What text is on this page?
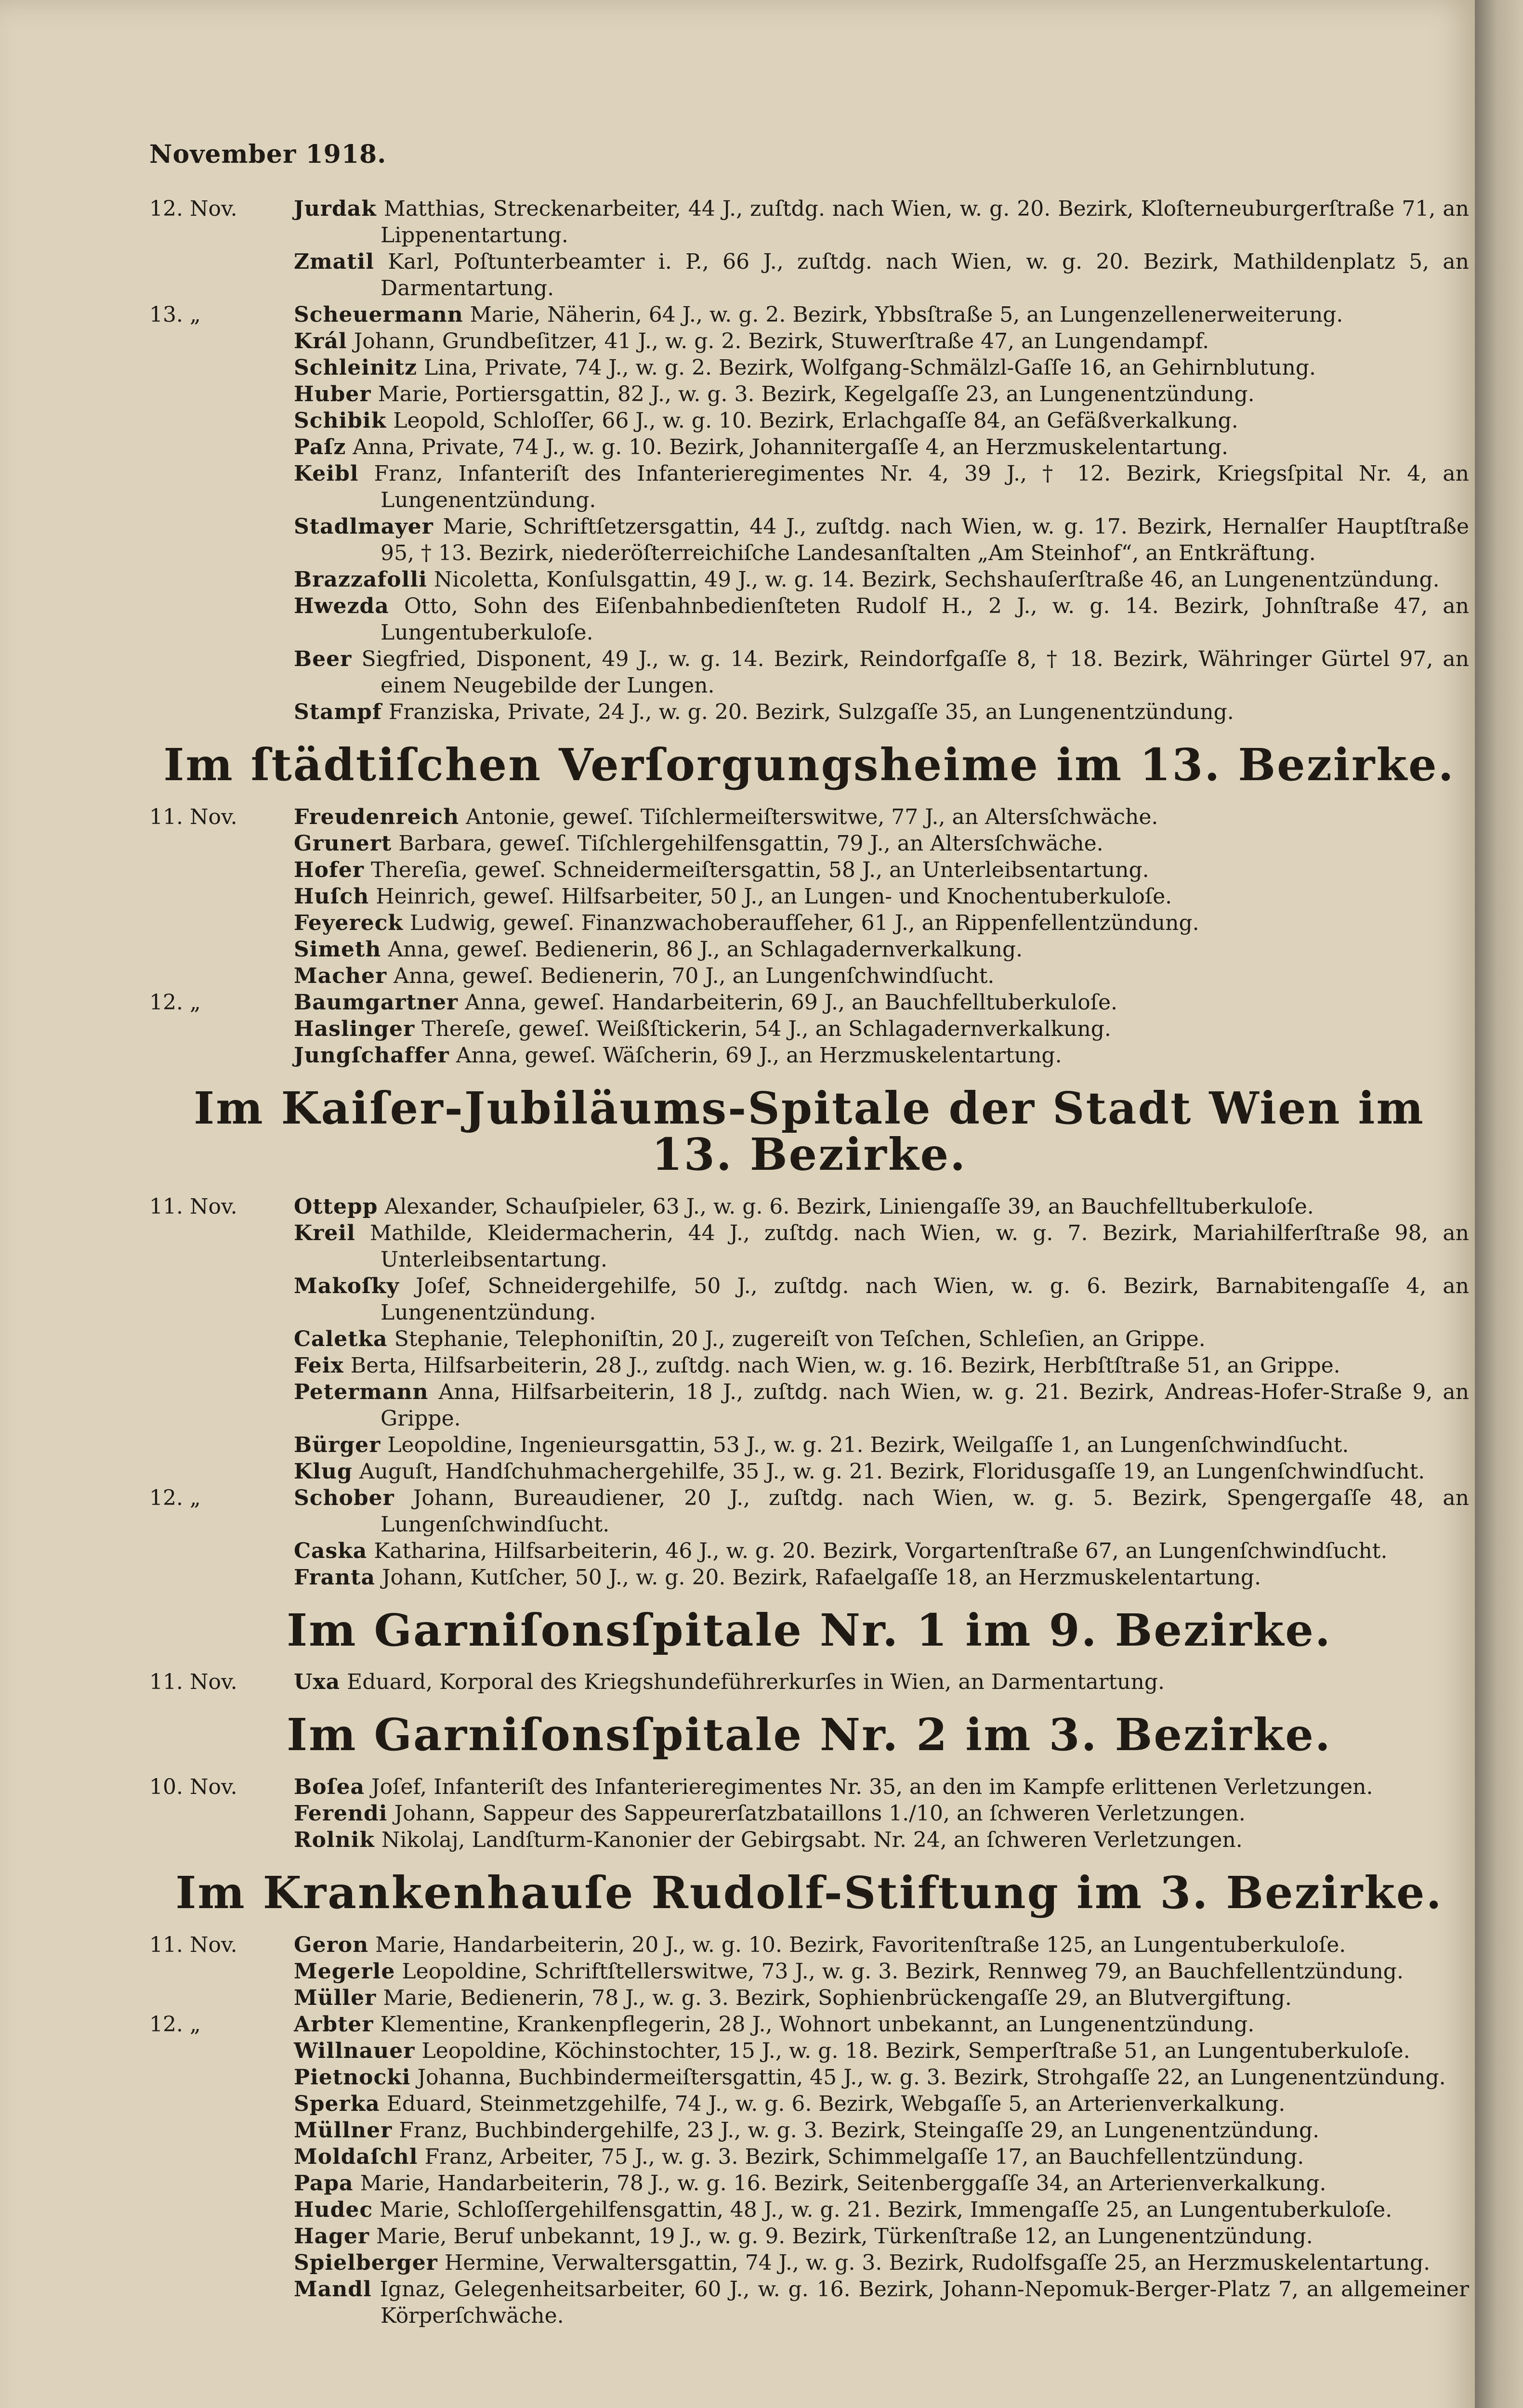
November 1918.
12. Nov.	Jurdak Matthias, Streckenarbeiter, 44 J., zuſtdg. nach Wien, w. g. 20. Bezirk, Kloſterneuburgerſtraße 71, an Lippenentartung.
Zmatil Karl, Poſtunterbeamter i. P., 66 J., zuſtdg. nach Wien, w. g. 20. Bezirk, Mathildenplatz 5, an Darmentartung.
13. „	Scheuermann Marie, Näherin, 64 J., w. g. 2. Bezirk, Ybbsſtraße 5, an Lungenzellenerweiterung.
Král Johann, Grundbeſitzer, 41 J., w. g. 2. Bezirk, Stuwerſtraße 47, an Lungendampf.
Schleinitz Lina, Private, 74 J., w. g. 2. Bezirk, Wolfgang-Schmälzl-Gaſſe 16, an Gehirnblutung.
Huber Marie, Portiersgattin, 82 J., w. g. 3. Bezirk, Kegelgaſſe 23, an Lungenentzündung.
Schibik Leopold, Schloſſer, 66 J., w. g. 10. Bezirk, Erlachgaſſe 84, an Gefäßverkalkung.
Paſz Anna, Private, 74 J., w. g. 10. Bezirk, Johannitergaſſe 4, an Herzmuskelentartung.
Keibl Franz, Infanteriſt des Infanterieregimentes Nr. 4, 39 J., † 12. Bezirk, Kriegsſpital Nr. 4, an Lungenentzündung.
Stadlmayer Marie, Schriftſetzersgattin, 44 J., zuſtdg. nach Wien, w. g. 17. Bezirk, Hernalſer Hauptſtraße 95, † 13. Bezirk, niederöſterreichiſche Landesanſtalten „Am Steinhof“, an Entkräftung.
Brazzafolli Nicoletta, Konſulsgattin, 49 J., w. g. 14. Bezirk, Sechshauſerſtraße 46, an Lungenentzündung.
Hwezda Otto, Sohn des Eiſenbahnbedienſteten Rudolf H., 2 J., w. g. 14. Bezirk, Johnſtraße 47, an Lungentuberkuloſe.
Beer Siegfried, Disponent, 49 J., w. g. 14. Bezirk, Reindorfgaſſe 8, † 18. Bezirk, Währinger Gürtel 97, an einem Neugebilde der Lungen.
Stampf Franziska, Private, 24 J., w. g. 20. Bezirk, Sulzgaſſe 35, an Lungenentzündung.
Im ſtädtiſchen Verſorgungsheime im 13. Bezirke.
11. Nov.	Freudenreich Antonie, geweſ. Tiſchlermeiſterswitwe, 77 J., an Altersſchwäche.
Grunert Barbara, geweſ. Tiſchlergehilfensgattin, 79 J., an Altersſchwäche.
Hofer Thereſia, geweſ. Schneidermeiſtersgattin, 58 J., an Unterleibsentartung.
Huſch Heinrich, geweſ. Hilfsarbeiter, 50 J., an Lungen- und Knochentuberkuloſe.
Feyereck Ludwig, geweſ. Finanzwachoberaufſeher, 61 J., an Rippenfellentzündung.
Simeth Anna, geweſ. Bedienerin, 86 J., an Schlagadernverkalkung.
Macher Anna, geweſ. Bedienerin, 70 J., an Lungenſchwindſucht.
12. „	Baumgartner Anna, geweſ. Handarbeiterin, 69 J., an Bauchfelltuberkuloſe.
Haslinger Thereſe, geweſ. Weißſtickerin, 54 J., an Schlagadernverkalkung.
Jungſchaffer Anna, geweſ. Wäſcherin, 69 J., an Herzmuskelentartung.
Im Kaiſer-Jubiläums-Spitale der Stadt Wien im 13. Bezirke.
11. Nov.	Ottepp Alexander, Schauſpieler, 63 J., w. g. 6. Bezirk, Liniengaſſe 39, an Bauchfelltuberkuloſe.
Kreil Mathilde, Kleidermacherin, 44 J., zuſtdg. nach Wien, w. g. 7. Bezirk, Mariahilferſtraße 98, an Unterleibsentartung.
Makoſky Joſef, Schneidergehilfe, 50 J., zuſtdg. nach Wien, w. g. 6. Bezirk, Barnabitengaſſe 4, an Lungenentzündung.
Caletka Stephanie, Telephoniſtin, 20 J., zugereiſt von Teſchen, Schleſien, an Grippe.
Feix Berta, Hilfsarbeiterin, 28 J., zuſtdg. nach Wien, w. g. 16. Bezirk, Herbſtſtraße 51, an Grippe.
Petermann Anna, Hilfsarbeiterin, 18 J., zuſtdg. nach Wien, w. g. 21. Bezirk, Andreas-Hofer-Straße 9, an Grippe.
Bürger Leopoldine, Ingenieursgattin, 53 J., w. g. 21. Bezirk, Weilgaſſe 1, an Lungenſchwindſucht.
Klug Auguſt, Handſchuhmachergehilfe, 35 J., w. g. 21. Bezirk, Floridusgaſſe 19, an Lungenſchwindſucht.
12. „	Schober Johann, Bureaudiener, 20 J., zuſtdg. nach Wien, w. g. 5. Bezirk, Spengergaſſe 48, an Lungenſchwindſucht.
Caska Katharina, Hilfsarbeiterin, 46 J., w. g. 20. Bezirk, Vorgartenſtraße 67, an Lungenſchwindſucht.
Franta Johann, Kutſcher, 50 J., w. g. 20. Bezirk, Rafaelgaſſe 18, an Herzmuskelentartung.
Im Garniſonsſpitale Nr. 1 im 9. Bezirke.
11. Nov.	Uxa Eduard, Korporal des Kriegshundeführerkurſes in Wien, an Darmentartung.
Im Garniſonsſpitale Nr. 2 im 3. Bezirke.
10. Nov.	Boſea Joſef, Infanteriſt des Infanterieregimentes Nr. 35, an den im Kampfe erlittenen Verletzungen.
Ferendi Johann, Sappeur des Sappeurerſatzbataillons 1./10, an ſchweren Verletzungen.
Rolnik Nikolaj, Landſturm-Kanonier der Gebirgsabt. Nr. 24, an ſchweren Verletzungen.
Im Krankenhauſe Rudolf-Stiftung im 3. Bezirke.
11. Nov.	Geron Marie, Handarbeiterin, 20 J., w. g. 10. Bezirk, Favoritenſtraße 125, an Lungentuberkuloſe.
Megerle Leopoldine, Schriftſtellerswitwe, 73 J., w. g. 3. Bezirk, Rennweg 79, an Bauchfellentzündung.
Müller Marie, Bedienerin, 78 J., w. g. 3. Bezirk, Sophienbrückengaſſe 29, an Blutvergiftung.
12. „	Arbter Klementine, Krankenpflegerin, 28 J., Wohnort unbekannt, an Lungenentzündung.
Willnauer Leopoldine, Köchinstochter, 15 J., w. g. 18. Bezirk, Semperſtraße 51, an Lungentuberkuloſe.
Pietnocki Johanna, Buchbindermeiſtersgattin, 45 J., w. g. 3. Bezirk, Strohgaſſe 22, an Lungenentzündung.
Sperka Eduard, Steinmetzgehilfe, 74 J., w. g. 6. Bezirk, Webgaſſe 5, an Arterienverkalkung.
Müllner Franz, Buchbindergehilfe, 23 J., w. g. 3. Bezirk, Steingaſſe 29, an Lungenentzündung.
Moldaſchl Franz, Arbeiter, 75 J., w. g. 3. Bezirk, Schimmelgaſſe 17, an Bauchfellentzündung.
Papa Marie, Handarbeiterin, 78 J., w. g. 16. Bezirk, Seitenberggaſſe 34, an Arterienverkalkung.
Hudec Marie, Schloſſergehilfensgattin, 48 J., w. g. 21. Bezirk, Immengaſſe 25, an Lungentuberkuloſe.
Hager Marie, Beruf unbekannt, 19 J., w. g. 9. Bezirk, Türkenſtraße 12, an Lungenentzündung.
Spielberger Hermine, Verwaltersgattin, 74 J., w. g. 3. Bezirk, Rudolfsgaſſe 25, an Herzmuskelentartung.
Mandl Ignaz, Gelegenheitsarbeiter, 60 J., w. g. 16. Bezirk, Johann-Nepomuk-Berger-Platz 7, an allgemeiner Körperſchwäche.
